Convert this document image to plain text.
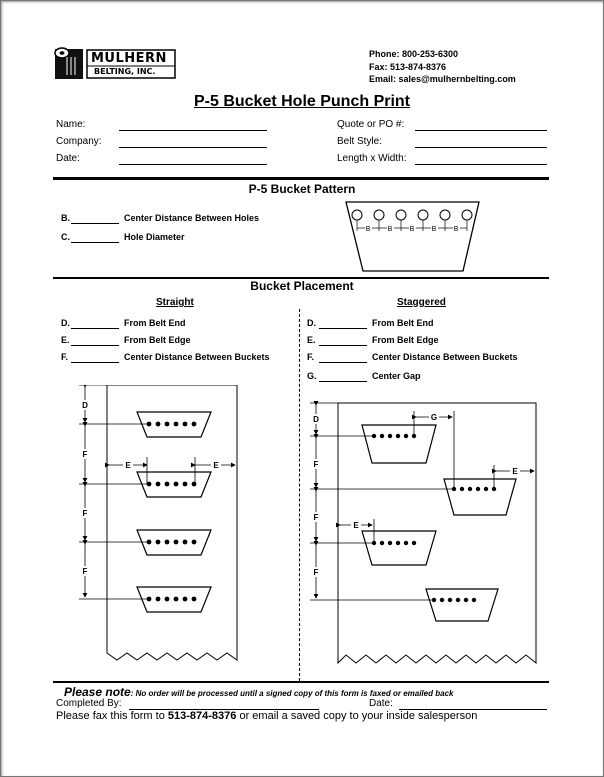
MULHERN
BELTING, INC.
Phone: 800-253-6300
Fax: 513-874-8376
Email: sales@mulhernbelting.com
P-5 Bucket Hole Punch Print
Name:
Company:
Date:
Quote or PO #:
Belt Style:
Length x Width:
P-5 Bucket Pattern
B.	Center Distance Between Holes
C.	Hole Diameter
B B B B B
Bucket Placement
Straight	Staggered
D.	From Belt End
E.	From Belt Edge
F.	Center Distance Between Buckets
D.	From Belt End
E.	From Belt Edge
F.	Center Distance Between Buckets
G.	Center Gap
D
F
F
F
E	E
D
F
F
F
G
E
E
Please note: No order will be processed until a signed copy of this form is faxed or emailed back
Completed By:	Date:
Please fax this form to 513-874-8376 or email a saved copy to your inside salesperson
